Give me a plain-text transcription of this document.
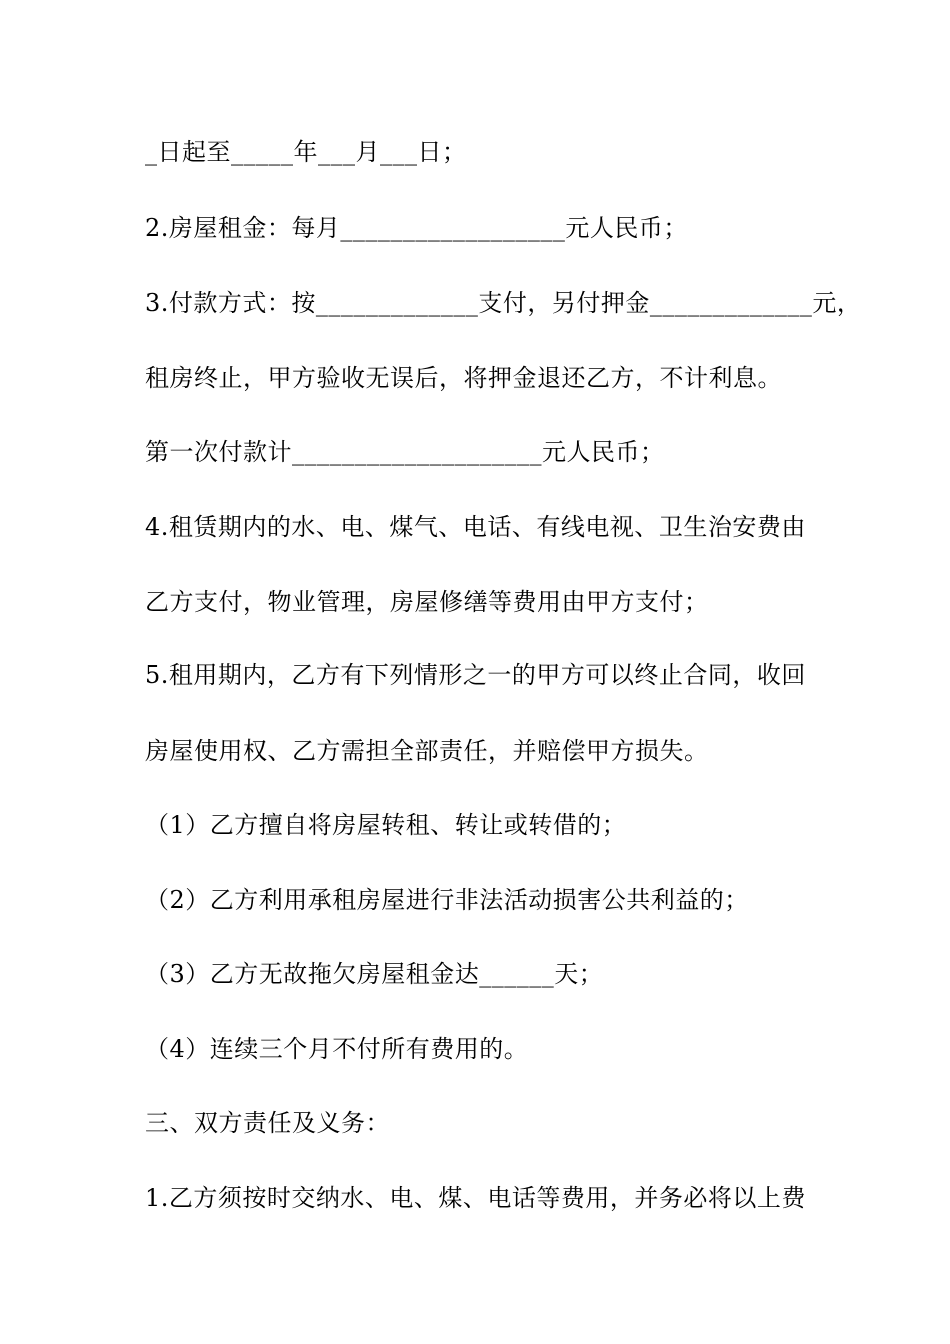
_日起至_____年___月___日；
2.房屋租金：每月__________________元人民币；
3.付款方式：按_____________支付，另付押金_____________元，
租房终止，甲方验收无误后，将押金退还乙方，不计利息。
第一次付款计____________________元人民币；
4.租赁期内的水、电、煤气、电话、有线电视、卫生治安费由
乙方支付，物业管理，房屋修缮等费用由甲方支付；
5.租用期内，乙方有下列情形之一的甲方可以终止合同，收回
房屋使用权、乙方需担全部责任，并赔偿甲方损失。
（1）乙方擅自将房屋转租、转让或转借的；
（2）乙方利用承租房屋进行非法活动损害公共利益的；
（3）乙方无故拖欠房屋租金达______天；
（4）连续三个月不付所有费用的。
三、双方责任及义务：
1.乙方须按时交纳水、电、煤、电话等费用，并务必将以上费
